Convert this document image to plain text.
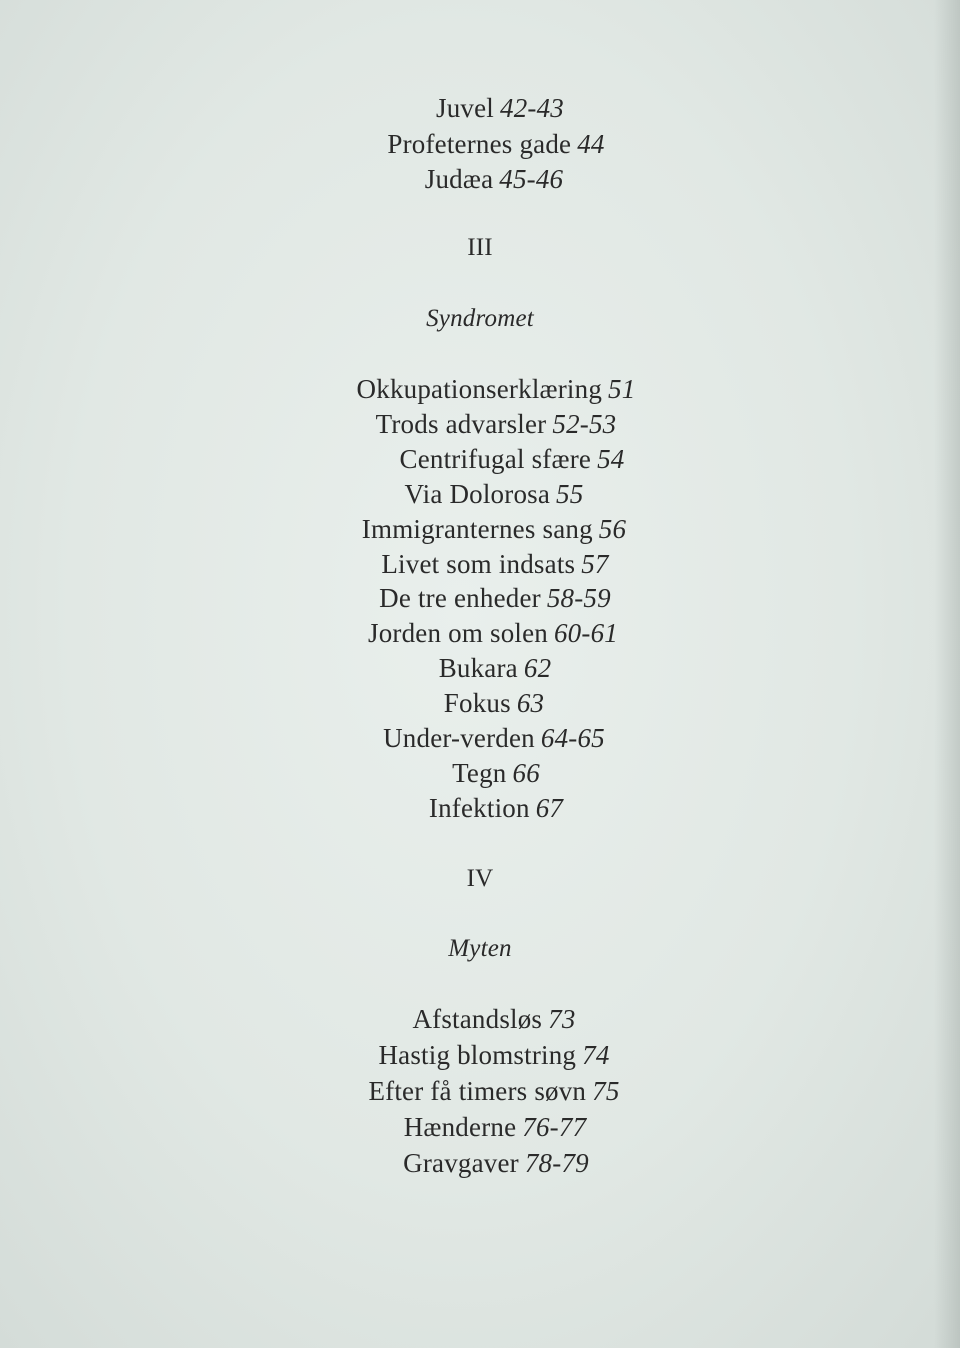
Juvel 42-43
Profeternes gade 44
Judæa 45-46
III
Syndromet
Okkupationserklæring 51
Trods advarsler 52-53
Centrifugal sfære 54
Via Dolorosa 55
Immigranternes sang 56
Livet som indsats 57
De tre enheder 58-59
Jorden om solen 60-61
Bukara 62
Fokus 63
Under-verden 64-65
Tegn 66
Infektion 67
IV
Myten
Afstandsløs 73
Hastig blomstring 74
Efter få timers søvn 75
Hænderne 76-77
Gravgaver 78-79
